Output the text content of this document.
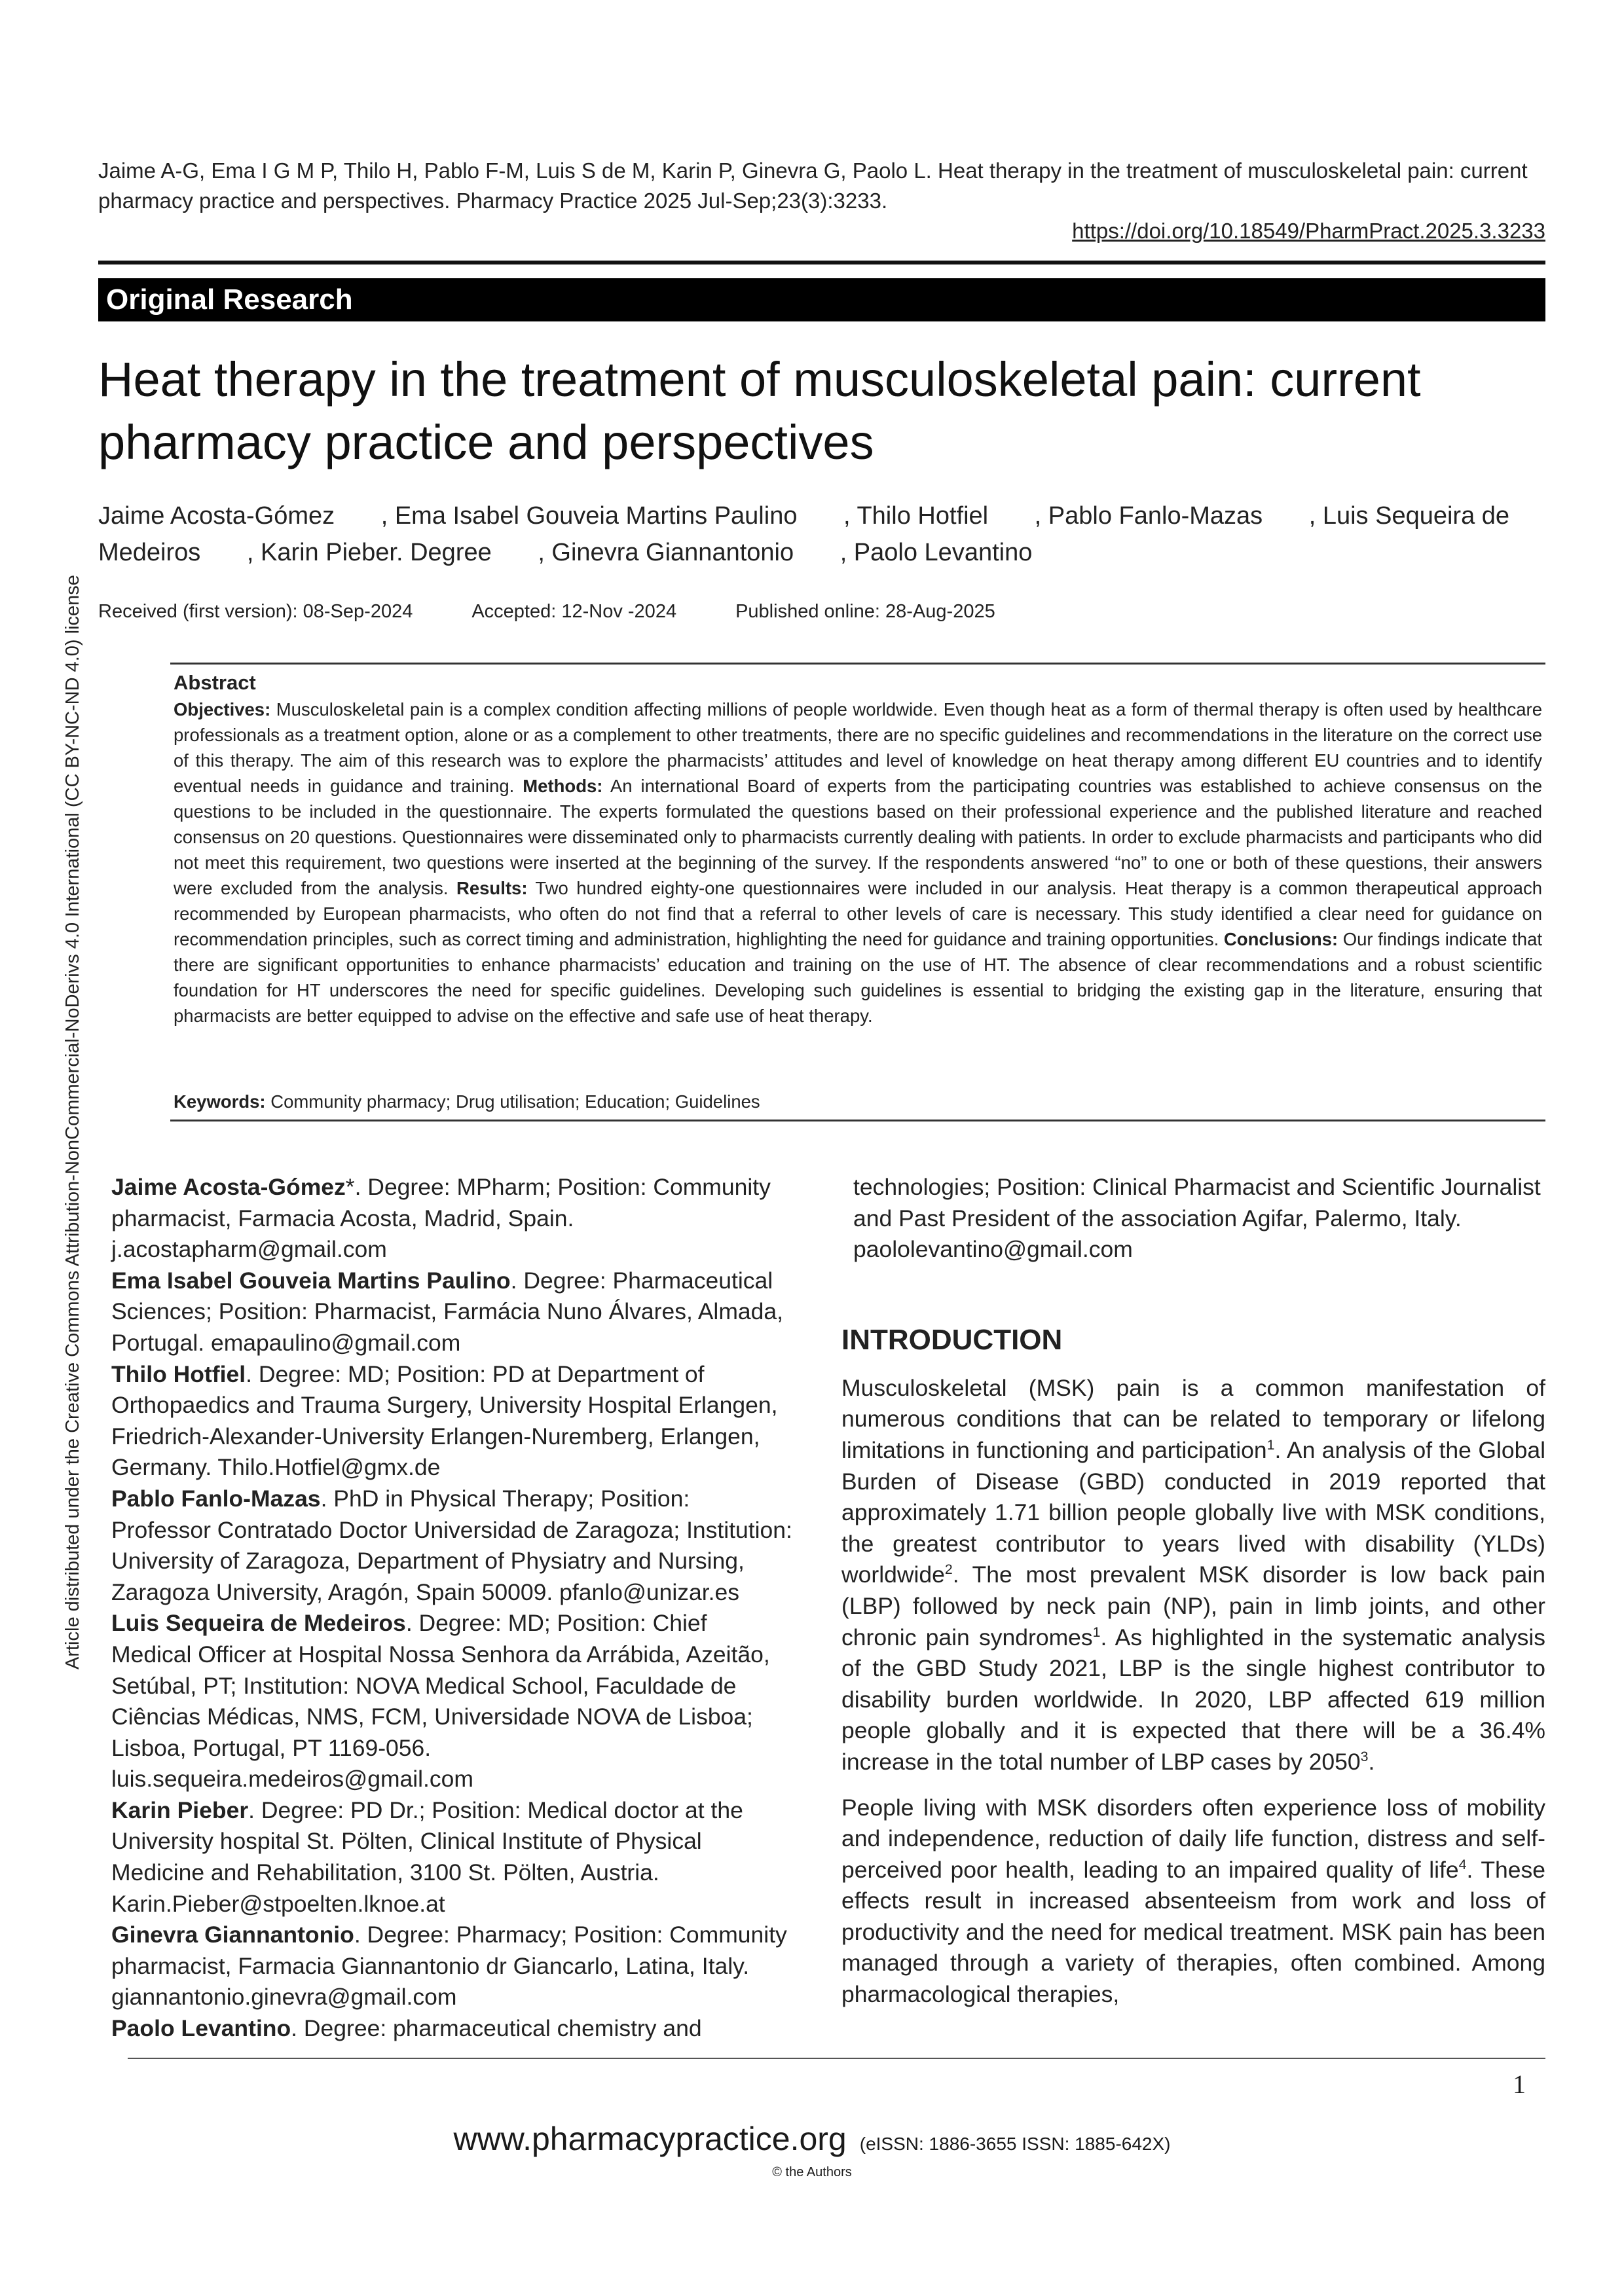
Jaime A-G, Ema I G M P, Thilo H, Pablo F-M, Luis S de M, Karin P, Ginevra G, Paolo L. Heat therapy in the treatment of musculoskeletal pain: current pharmacy practice and perspectives. Pharmacy Practice 2025 Jul-Sep;23(3):3233.
https://doi.org/10.18549/PharmPract.2025.3.3233
Original Research
Heat therapy in the treatment of musculoskeletal pain: current pharmacy practice and perspectives
Jaime Acosta-Gómez , Ema Isabel Gouveia Martins Paulino , Thilo Hotfiel , Pablo Fanlo-Mazas , Luis Sequeira de Medeiros , Karin Pieber. Degree , Ginevra Giannantonio , Paolo Levantino
Received (first version): 08-Sep-2024	Accepted: 12-Nov -2024	Published online: 28-Aug-2025
Abstract

Objectives: Musculoskeletal pain is a complex condition affecting millions of people worldwide. Even though heat as a form of thermal therapy is often used by healthcare professionals as a treatment option, alone or as a complement to other treatments, there are no specific guidelines and recommendations in the literature on the correct use of this therapy. The aim of this research was to explore the pharmacists’ attitudes and level of knowledge on heat therapy among different EU countries and to identify eventual needs in guidance and training. Methods: An international Board of experts from the participating countries was established to achieve consensus on the questions to be included in the questionnaire. The experts formulated the questions based on their professional experience and the published literature and reached consensus on 20 questions. Questionnaires were disseminated only to pharmacists currently dealing with patients. In order to exclude pharmacists and participants who did not meet this requirement, two questions were inserted at the beginning of the survey. If the respondents answered “no” to one or both of these questions, their answers were excluded from the analysis. Results: Two hundred eighty-one questionnaires were included in our analysis. Heat therapy is a common therapeutical approach recommended by European pharmacists, who often do not find that a referral to other levels of care is necessary. This study identified a clear need for guidance on recommendation principles, such as correct timing and administration, highlighting the need for guidance and training opportunities. Conclusions: Our findings indicate that there are significant opportunities to enhance pharmacists’ education and training on the use of HT. The absence of clear recommendations and a robust scientific foundation for HT underscores the need for specific guidelines. Developing such guidelines is essential to bridging the existing gap in the literature, ensuring that pharmacists are better equipped to advise on the effective and safe use of heat therapy.

Keywords: Community pharmacy; Drug utilisation; Education; Guidelines

Jaime Acosta-Gómez*. Degree: MPharm; Position: Community pharmacist, Farmacia Acosta, Madrid, Spain. j.acostapharm@gmail.com

Ema Isabel Gouveia Martins Paulino. Degree: Pharmaceutical Sciences; Position: Pharmacist, Farmácia Nuno Álvares, Almada, Portugal. emapaulino@gmail.com

Thilo Hotfiel. Degree: MD; Position: PD at Department of Orthopaedics and Trauma Surgery, University Hospital Erlangen, Friedrich-Alexander-University Erlangen-Nuremberg, Erlangen, Germany. Thilo.Hotfiel@gmx.de

Pablo Fanlo-Mazas. PhD in Physical Therapy; Position: Professor Contratado Doctor Universidad de Zaragoza; Institution: University of Zaragoza, Department of Physiatry and Nursing, Zaragoza University, Aragón, Spain 50009. pfanlo@unizar.es

Luis Sequeira de Medeiros. Degree: MD; Position: Chief Medical Officer at Hospital Nossa Senhora da Arrábida, Azeitão, Setúbal, PT; Institution: NOVA Medical School, Faculdade de Ciências Médicas, NMS, FCM, Universidade NOVA de Lisboa; Lisboa, Portugal, PT 1169-056. luis.sequeira.medeiros@gmail.com

Karin Pieber. Degree: PD Dr.; Position: Medical doctor at the University hospital St. Pölten, Clinical Institute of Physical Medicine and Rehabilitation, 3100 St. Pölten, Austria. Karin.Pieber@stpoelten.lknoe.at

Ginevra Giannantonio. Degree: Pharmacy; Position: Community pharmacist, Farmacia Giannantonio dr Giancarlo, Latina, Italy. giannantonio.ginevra@gmail.com

Paolo Levantino. Degree: pharmaceutical chemistry and

technologies; Position: Clinical Pharmacist and Scientific Journalist and Past President of the association Agifar, Palermo, Italy. paololevantino@gmail.com

INTRODUCTION

Musculoskeletal (MSK) pain is a common manifestation of numerous conditions that can be related to temporary or lifelong limitations in functioning and participation$^1$. An analysis of the Global Burden of Disease (GBD) conducted in 2019 reported that approximately 1.71 billion people globally live with MSK conditions, the greatest contributor to years lived with disability (YLDs) worldwide$^2$. The most prevalent MSK disorder is low back pain (LBP) followed by neck pain (NP), pain in limb joints, and other chronic pain syndromes$^1$. As highlighted in the systematic analysis of the GBD Study 2021, LBP is the single highest contributor to disability burden worldwide. In 2020, LBP affected 619 million people globally and it is expected that there will be a 36.4% increase in the total number of LBP cases by 2050$^3$.

People living with MSK disorders often experience loss of mobility and independence, reduction of daily life function, distress and self-perceived poor health, leading to an impaired quality of life$^4$. These effects result in increased absenteeism from work and loss of productivity and the need for medical treatment. MSK pain has been managed through a variety of therapies, often combined. Among pharmacological therapies,

1
www.pharmacypractice.org (eISSN: 1886-3655 ISSN: 1885-642X)
© the Authors
Article distributed under the Creative Commons Attribution-NonCommercial-NoDerivs 4.0 International (CC BY-NC-ND 4.0) license
